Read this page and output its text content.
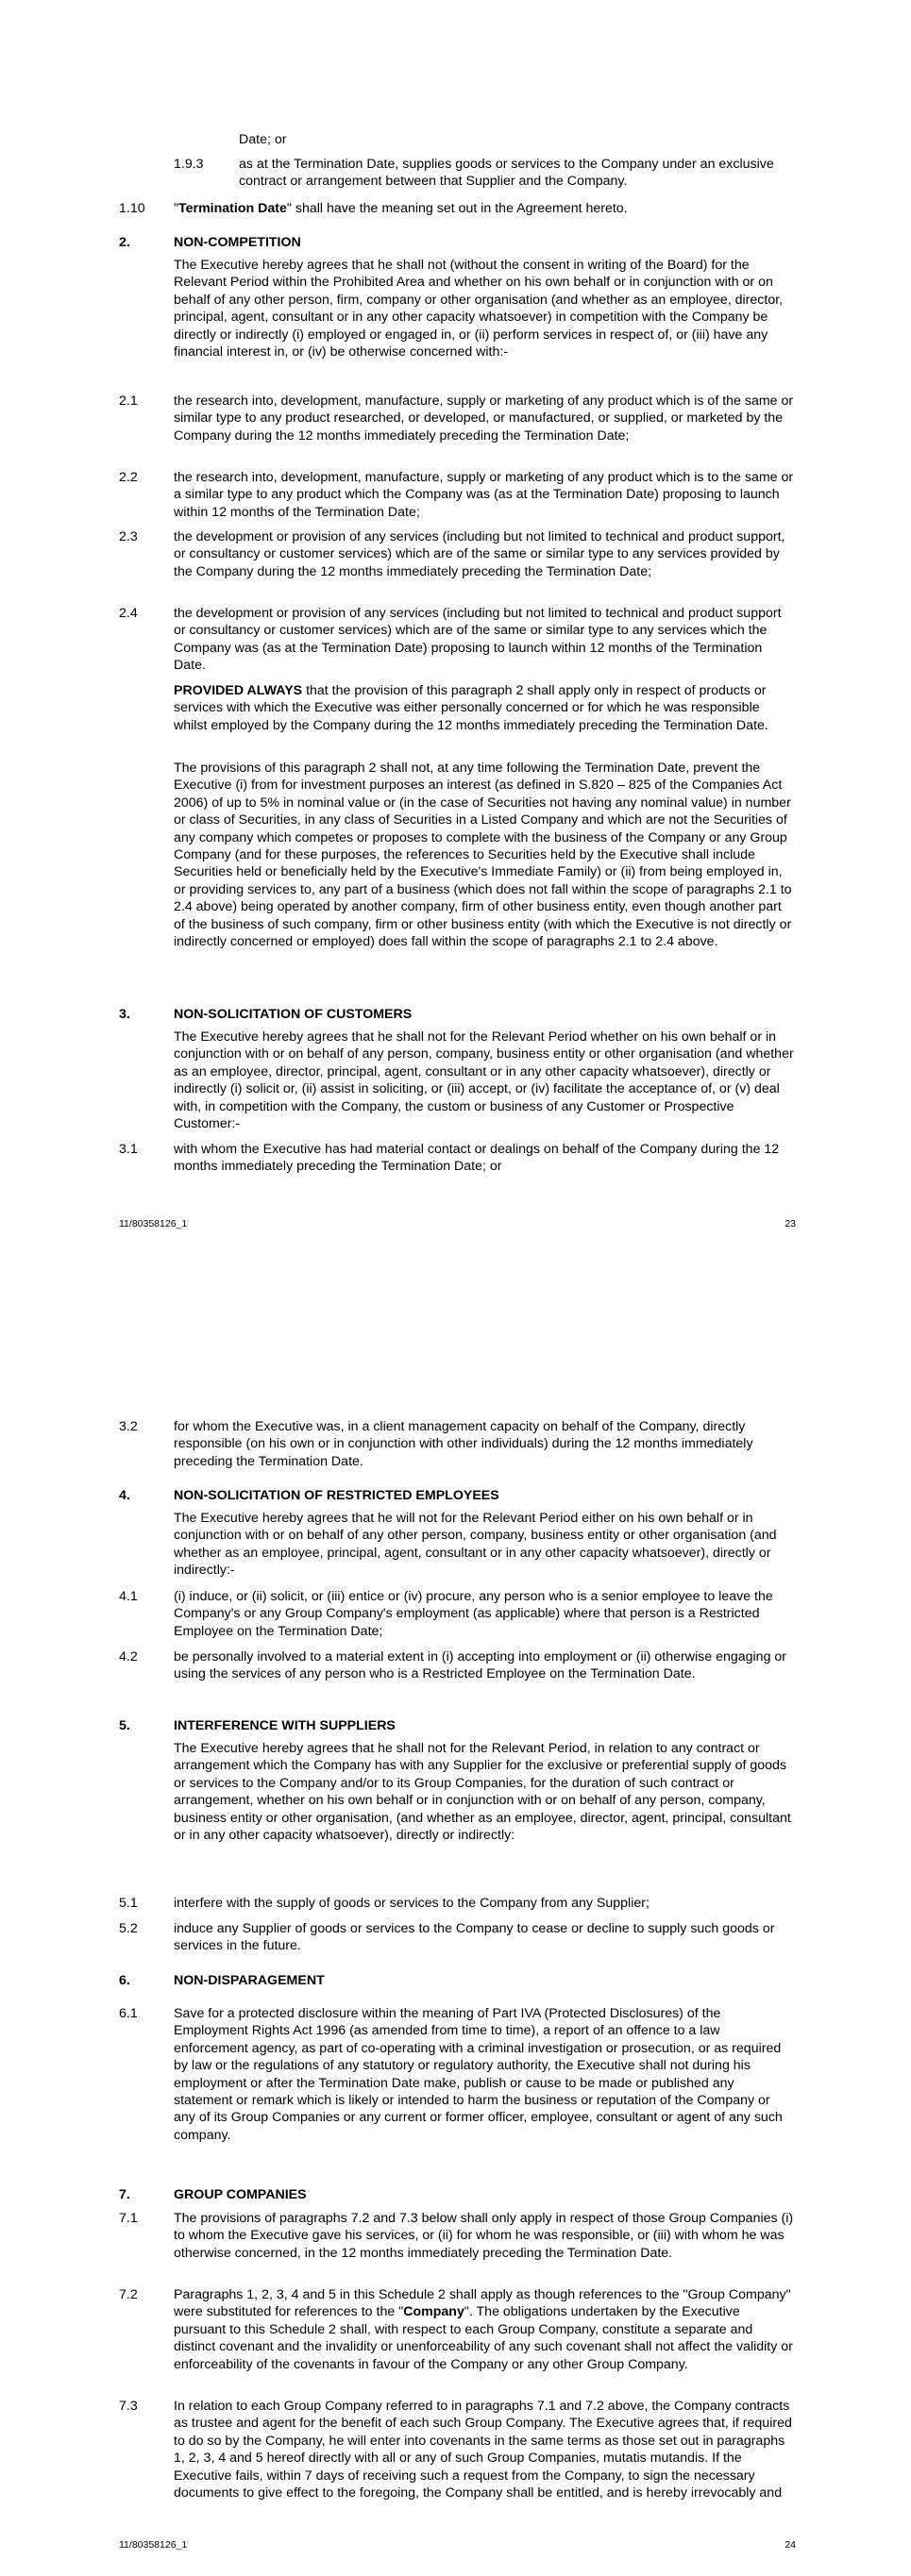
Date; or
1.9.3	as at the Termination Date, supplies goods or services to the Company under an exclusive contract or arrangement between that Supplier and the Company.
1.10 "Termination Date" shall have the meaning set out in the Agreement hereto.
2.	NON-COMPETITION
The Executive hereby agrees that he shall not (without the consent in writing of the Board) for the Relevant Period within the Prohibited Area and whether on his own behalf or in conjunction with or on behalf of any other person, firm, company or other organisation (and whether as an employee, director, principal, agent, consultant or in any other capacity whatsoever) in competition with the Company be directly or indirectly (i) employed or engaged in, or (ii) perform services in respect of, or (iii) have any financial interest in, or (iv) be otherwise concerned with:-
2.1	the research into, development, manufacture, supply or marketing of any product which is of the same or similar type to any product researched, or developed, or manufactured, or supplied, or marketed by the Company during the 12 months immediately preceding the Termination Date;
2.2	the research into, development, manufacture, supply or marketing of any product which is to the same or a similar type to any product which the Company was (as at the Termination Date) proposing to launch within 12 months of the Termination Date;
2.3	the development or provision of any services (including but not limited to technical and product support, or consultancy or customer services) which are of the same or similar type to any services provided by the Company during the 12 months immediately preceding the Termination Date;
2.4	the development or provision of any services (including but not limited to technical and product support or consultancy or customer services) which are of the same or similar type to any services which the Company was (as at the Termination Date) proposing to launch within 12 months of the Termination Date.
PROVIDED ALWAYS that the provision of this paragraph 2 shall apply only in respect of products or services with which the Executive was either personally concerned or for which he was responsible whilst employed by the Company during the 12 months immediately preceding the Termination Date.
The provisions of this paragraph 2 shall not, at any time following the Termination Date, prevent the Executive (i) from for investment purposes an interest (as defined in S.820 – 825 of the Companies Act 2006) of up to 5% in nominal value or (in the case of Securities not having any nominal value) in number or class of Securities, in any class of Securities in a Listed Company and which are not the Securities of any company which competes or proposes to complete with the business of the Company or any Group Company (and for these purposes, the references to Securities held by the Executive shall include Securities held or beneficially held by the Executive's Immediate Family) or (ii) from being employed in, or providing services to, any part of a business (which does not fall within the scope of paragraphs 2.1 to 2.4 above) being operated by another company, firm of other business entity, even though another part of the business of such company, firm or other business entity (with which the Executive is not directly or indirectly concerned or employed) does fall within the scope of paragraphs 2.1 to 2.4 above.
3.	NON-SOLICITATION OF CUSTOMERS
The Executive hereby agrees that he shall not for the Relevant Period whether on his own behalf or in conjunction with or on behalf of any person, company, business entity or other organisation (and whether as an employee, director, principal, agent, consultant or in any other capacity whatsoever), directly or indirectly (i) solicit or, (ii) assist in soliciting, or (iii) accept, or (iv) facilitate the acceptance of, or (v) deal with, in competition with the Company, the custom or business of any Customer or Prospective Customer:-
3.1	with whom the Executive has had material contact or dealings on behalf of the Company during the 12 months immediately preceding the Termination Date; or
11/80358126_1	23
3.2	for whom the Executive was, in a client management capacity on behalf of the Company, directly responsible (on his own or in conjunction with other individuals) during the 12 months immediately preceding the Termination Date.
4.	NON-SOLICITATION OF RESTRICTED EMPLOYEES
The Executive hereby agrees that he will not for the Relevant Period either on his own behalf or in conjunction with or on behalf of any other person, company, business entity or other organisation (and whether as an employee, principal, agent, consultant or in any other capacity whatsoever), directly or indirectly:-
4.1	(i) induce, or (ii) solicit, or (iii) entice or (iv) procure, any person who is a senior employee to leave the Company's or any Group Company's employment (as applicable) where that person is a Restricted Employee on the Termination Date;
4.2	be personally involved to a material extent in (i) accepting into employment or (ii) otherwise engaging or using the services of any person who is a Restricted Employee on the Termination Date.
5.	INTERFERENCE WITH SUPPLIERS
The Executive hereby agrees that he shall not for the Relevant Period, in relation to any contract or arrangement which the Company has with any Supplier for the exclusive or preferential supply of goods or services to the Company and/or to its Group Companies, for the duration of such contract or arrangement, whether on his own behalf or in conjunction with or on behalf of any person, company, business entity or other organisation, (and whether as an employee, director, agent, principal, consultant or in any other capacity whatsoever), directly or indirectly:
5.1	interfere with the supply of goods or services to the Company from any Supplier;
5.2	induce any Supplier of goods or services to the Company to cease or decline to supply such goods or services in the future.
6.	NON-DISPARAGEMENT
6.1	Save for a protected disclosure within the meaning of Part IVA (Protected Disclosures) of the Employment Rights Act 1996 (as amended from time to time), a report of an offence to a law enforcement agency, as part of co-operating with a criminal investigation or prosecution, or as required by law or the regulations of any statutory or regulatory authority, the Executive shall not during his employment or after the Termination Date make, publish or cause to be made or published any statement or remark which is likely or intended to harm the business or reputation of the Company or any of its Group Companies or any current or former officer, employee, consultant or agent of any such company.
7.	GROUP COMPANIES
7.1	The provisions of paragraphs 7.2 and 7.3 below shall only apply in respect of those Group Companies (i) to whom the Executive gave his services, or (ii) for whom he was responsible, or (iii) with whom he was otherwise concerned, in the 12 months immediately preceding the Termination Date.
7.2	Paragraphs 1, 2, 3, 4 and 5 in this Schedule 2 shall apply as though references to the "Group Company" were substituted for references to the "Company". The obligations undertaken by the Executive pursuant to this Schedule 2 shall, with respect to each Group Company, constitute a separate and distinct covenant and the invalidity or unenforceability of any such covenant shall not affect the validity or enforceability of the covenants in favour of the Company or any other Group Company.
7.3	In relation to each Group Company referred to in paragraphs 7.1 and 7.2 above, the Company contracts as trustee and agent for the benefit of each such Group Company. The Executive agrees that, if required to do so by the Company, he will enter into covenants in the same terms as those set out in paragraphs 1, 2, 3, 4 and 5 hereof directly with all or any of such Group Companies, mutatis mutandis. If the Executive fails, within 7 days of receiving such a request from the Company, to sign the necessary documents to give effect to the foregoing, the Company shall be entitled, and is hereby irrevocably and
11/80358126_1	24
